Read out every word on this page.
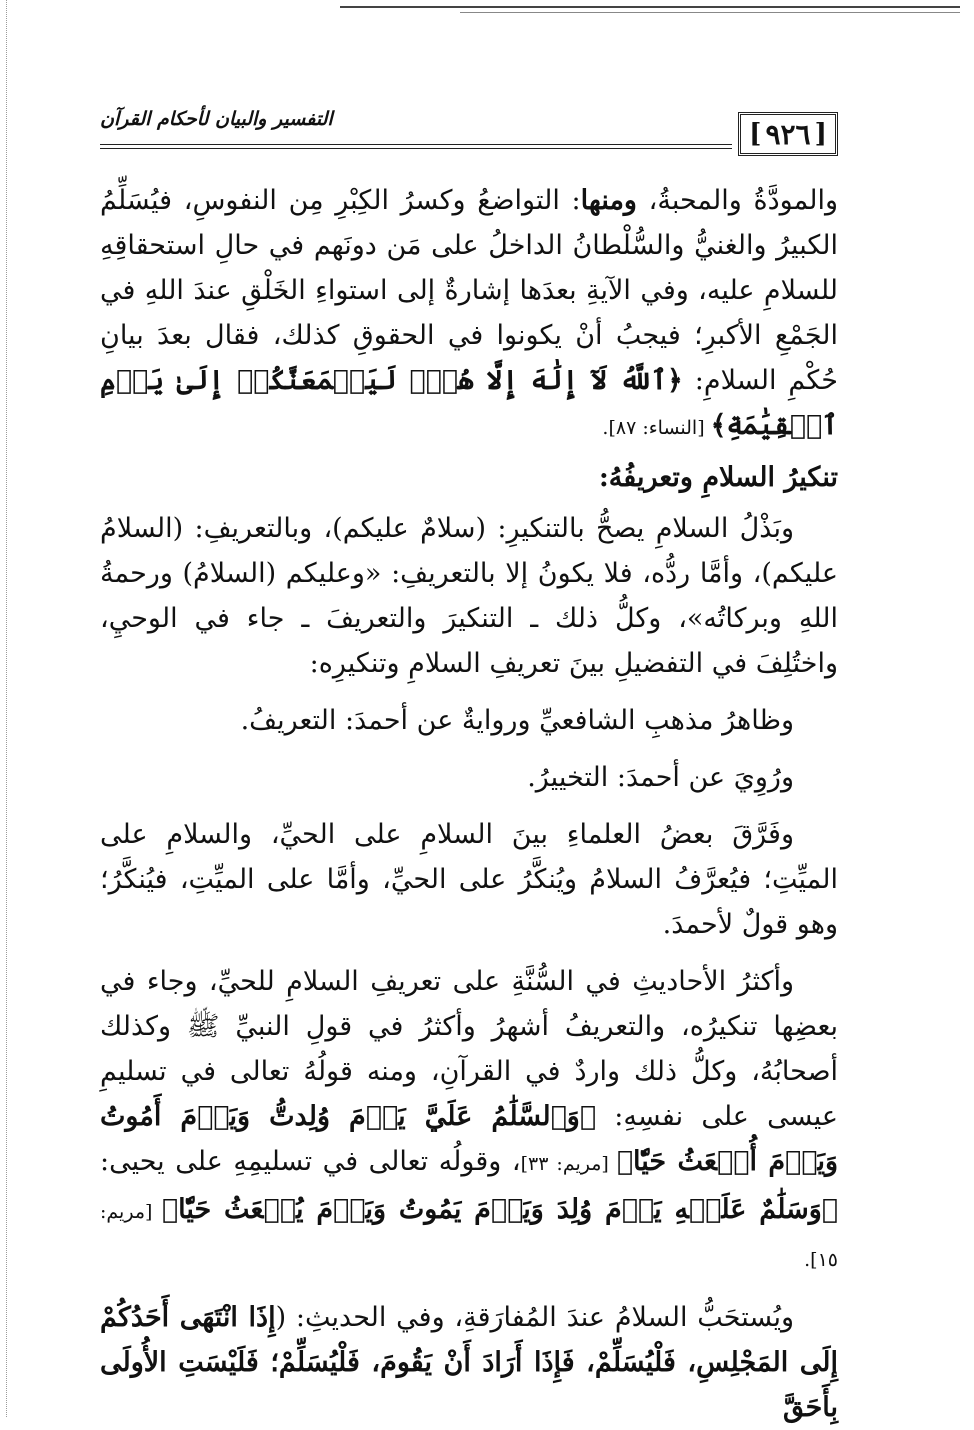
[
٩٢٦
]
التفسير والبيان لأحكام القرآن

والمودَّةُ والمحبةُ، ومنها: التواضعُ وكسرُ الكِبْرِ مِن النفوسِ، فيُسَلِّمُ الكبيرُ والغنيُّ والسُّلْطانُ الداخلُ على مَن دونَهم في حالِ استحقاقِهِ للسلامِ عليه، وفي الآيةِ بعدَها إشارةٌ إلى استواءِ الخَلْقِ عندَ اللهِ في الجَمْعِ الأكبرِ؛ فيجبُ أنْ يكونوا في الحقوقِ كذلك، فقال بعدَ بيانِ حُكْمِ السلامِ: ﴿ٱللَّهُ لَآ إِلَٰهَ إِلَّا هُوَۚ لَيَجۡمَعَنَّكُمۡ إِلَىٰ يَوۡمِ ٱلۡقِيَٰمَةِ﴾ [النساء: ٨٧].

تنكيرُ السلامِ وتعريفُهُ:

وبَذْلُ السلامِ يصحُّ بالتنكيرِ: (سلامٌ عليكم)، وبالتعريفِ: (السلامُ عليكم)، وأمَّا ردُّه، فلا يكونُ إلا بالتعريفِ: «وعليكم (السلامُ) ورحمةُ اللهِ وبركاتُه»، وكلُّ ذلك ـ التنكيرَ والتعريفَ ـ جاء في الوحيِ، واختُلِفَ في التفضيلِ بينَ تعريفِ السلامِ وتنكيرِه:

وظاهرُ مذهبِ الشافعيِّ وروايةٌ عن أحمدَ: التعريفُ.

ورُوِيَ عن أحمدَ: التخييرُ.

وفَرَّقَ بعضُ العلماءِ بينَ السلامِ على الحيِّ، والسلامِ على الميِّتِ؛ فيُعرَّفُ السلامُ ويُنكَّرُ على الحيِّ، وأمَّا على الميِّتِ، فيُنكَّرُ؛ وهو قولٌ لأحمدَ.

وأكثرُ الأحاديثِ في السُّنَّةِ على تعريفِ السلامِ للحيِّ، وجاء في بعضِها تنكيرُه، والتعريفُ أشهرُ وأكثرُ في قولِ النبيِّ ﷺ وكذلك أصحابُهُ، وكلُّ ذلك واردٌ في القرآنِ، ومنه قولُهُ تعالى في تسليمِ عيسى على نفسِهِ: ﴿وَٱلسَّلَٰمُ عَلَيَّ يَوۡمَ وُلِدتُّ وَيَوۡمَ أَمُوتُ وَيَوۡمَ أُبۡعَثُ حَيّٗا﴾ [مريم: ٣٣]، وقولُه تعالى في تسليمِهِ على يحيى: ﴿وَسَلَٰمٌ عَلَيۡهِ يَوۡمَ وُلِدَ وَيَوۡمَ يَمُوتُ وَيَوۡمَ يُبۡعَثُ حَيّٗا﴾ [مريم: ١٥].

ويُستحَبُّ السلامُ عندَ المُفارَقةِ، وفي الحديثِ: (إِذَا انْتَهَى أَحَدُكُمْ إِلَى المَجْلِسِ، فَلْيُسَلِّمْ، فَإِذَا أَرَادَ أَنْ يَقُومَ، فَلْيُسَلِّمْ؛ فَلَيْسَتِ الأُولَى بِأَحَقَّ
